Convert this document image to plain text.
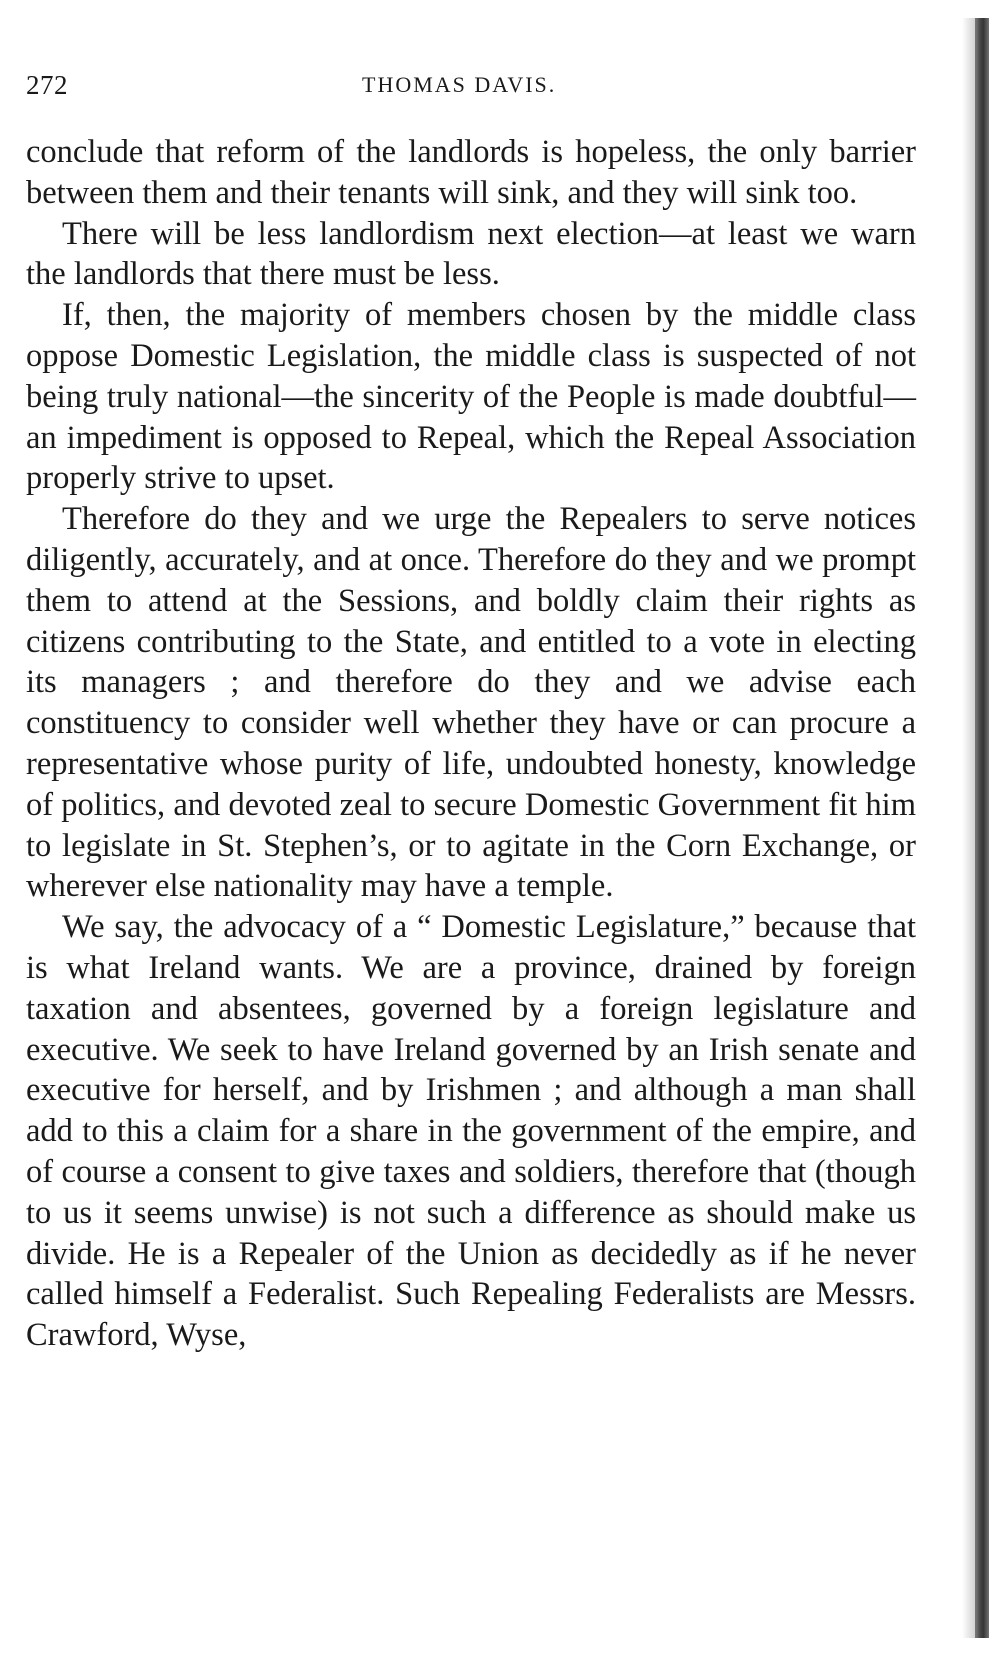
272	THOMAS DAVIS.

conclude that reform of the landlords is hopeless, the only barrier between them and their tenants will sink, and they will sink too.

There will be less landlordism next election—at least we warn the landlords that there must be less.

If, then, the majority of members chosen by the middle class oppose Domestic Legislation, the middle class is suspected of not being truly national—the sincerity of the People is made doubtful—an impediment is opposed to Repeal, which the Repeal Association properly strive to upset.

Therefore do they and we urge the Repealers to serve notices diligently, accurately, and at once. Therefore do they and we prompt them to attend at the Sessions, and boldly claim their rights as citizens contributing to the State, and entitled to a vote in electing its managers ; and therefore do they and we advise each constituency to consider well whether they have or can procure a representative whose purity of life, undoubted honesty, knowledge of politics, and devoted zeal to secure Domestic Government fit him to legislate in St. Stephen’s, or to agitate in the Corn Exchange, or wherever else nationality may have a temple.

We say, the advocacy of a “ Domestic Legislature,” because that is what Ireland wants. We are a province, drained by foreign taxation and absentees, governed by a foreign legislature and executive. We seek to have Ireland governed by an Irish senate and executive for herself, and by Irishmen ; and although a man shall add to this a claim for a share in the government of the empire, and of course a consent to give taxes and soldiers, therefore that (though to us it seems unwise) is not such a difference as should make us divide. He is a Repealer of the Union as decidedly as if he never called himself a Federalist. Such Repealing Federalists are Messrs. Crawford, Wyse,
